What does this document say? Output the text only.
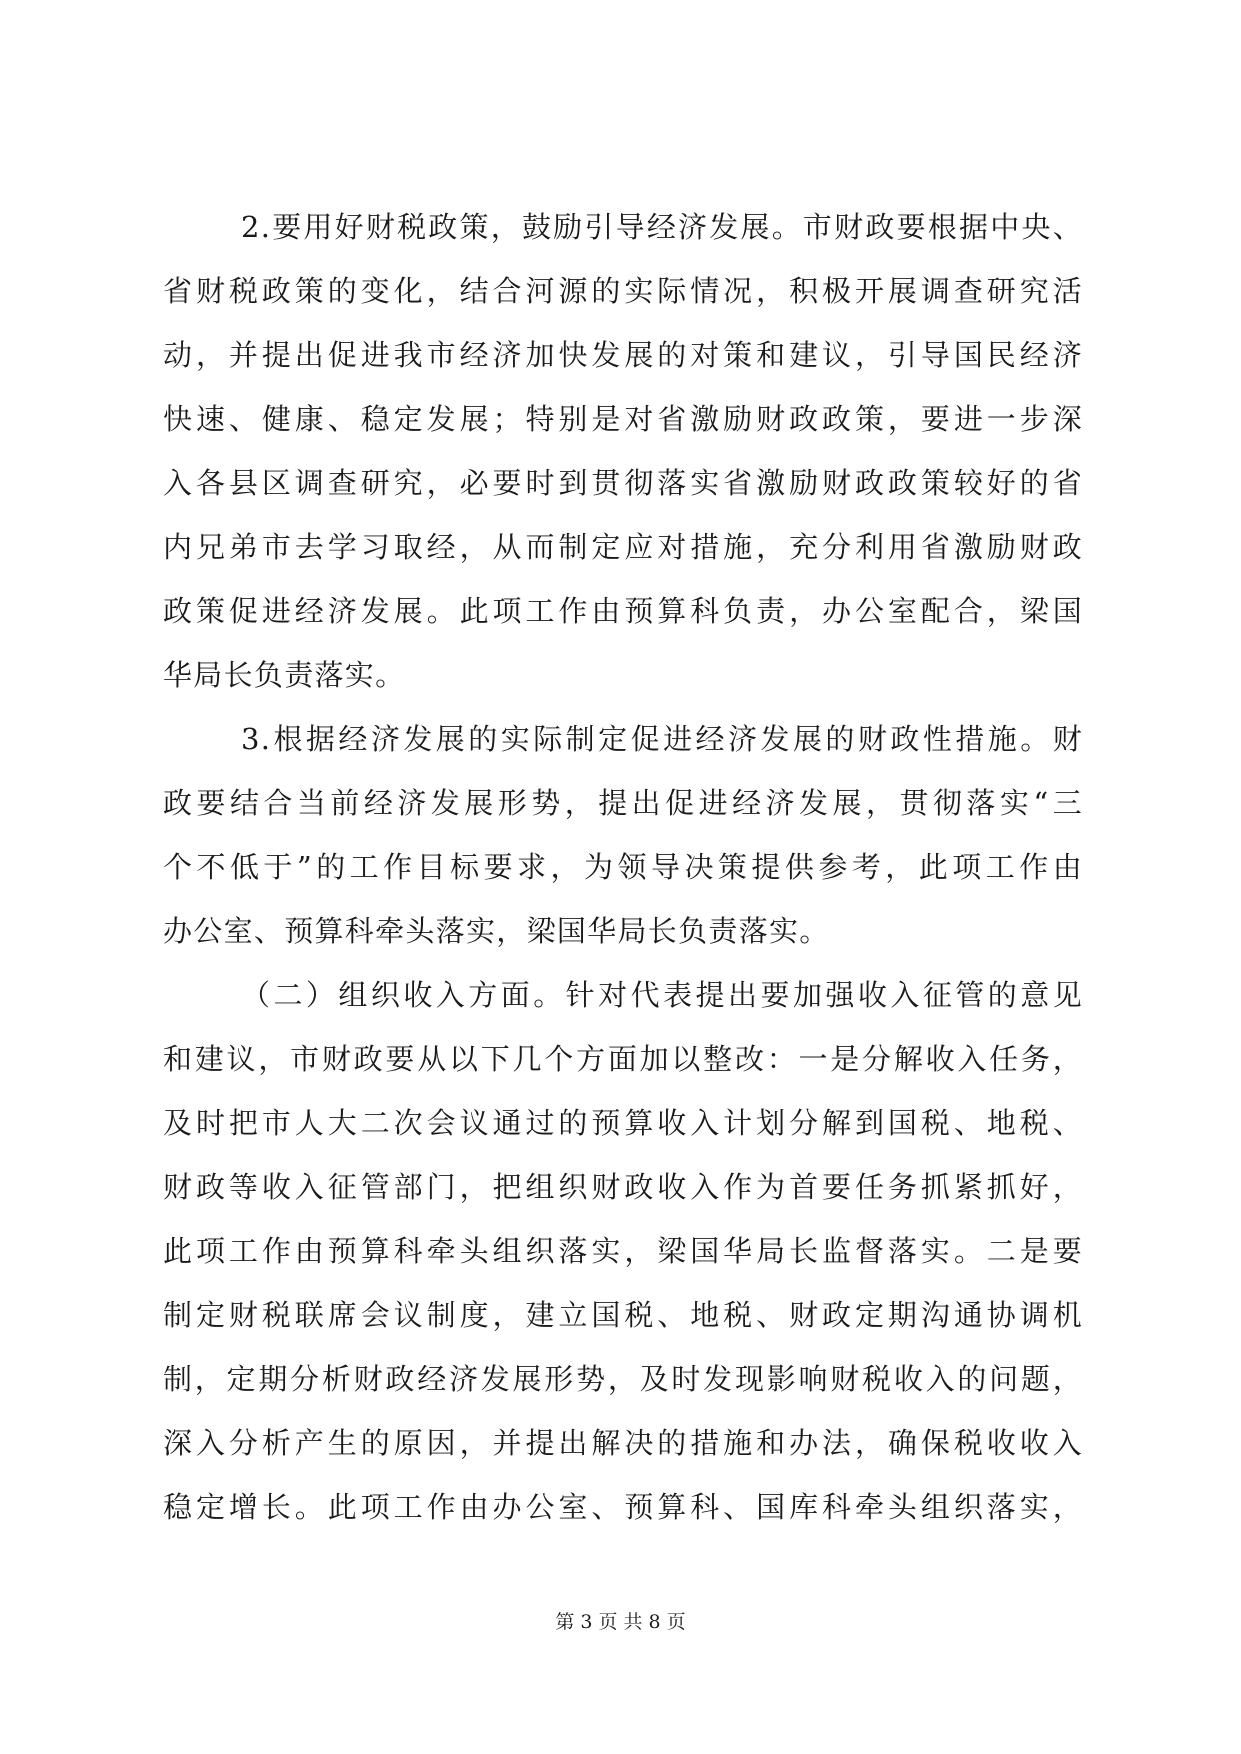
2.要用好财税政策，鼓励引导经济发展。市财政要根据中央、
省财税政策的变化，结合河源的实际情况，积极开展调查研究活
动，并提出促进我市经济加快发展的对策和建议，引导国民经济
快速、健康、稳定发展；特别是对省激励财政政策，要进一步深
入各县区调查研究，必要时到贯彻落实省激励财政政策较好的省
内兄弟市去学习取经，从而制定应对措施，充分利用省激励财政
政策促进经济发展。此项工作由预算科负责，办公室配合，梁国
华局长负责落实。
3.根据经济发展的实际制定促进经济发展的财政性措施。财
政要结合当前经济发展形势，提出促进经济发展，贯彻落实“三
个不低于”的工作目标要求，为领导决策提供参考，此项工作由
办公室、预算科牵头落实，梁国华局长负责落实。
（二）组织收入方面。针对代表提出要加强收入征管的意见
和建议，市财政要从以下几个方面加以整改：一是分解收入任务，
及时把市人大二次会议通过的预算收入计划分解到国税、地税、
财政等收入征管部门，把组织财政收入作为首要任务抓紧抓好，
此项工作由预算科牵头组织落实，梁国华局长监督落实。二是要
制定财税联席会议制度，建立国税、地税、财政定期沟通协调机
制，定期分析财政经济发展形势，及时发现影响财税收入的问题，
深入分析产生的原因，并提出解决的措施和办法，确保税收收入
稳定增长。此项工作由办公室、预算科、国库科牵头组织落实，
第 3 页 共 8 页
